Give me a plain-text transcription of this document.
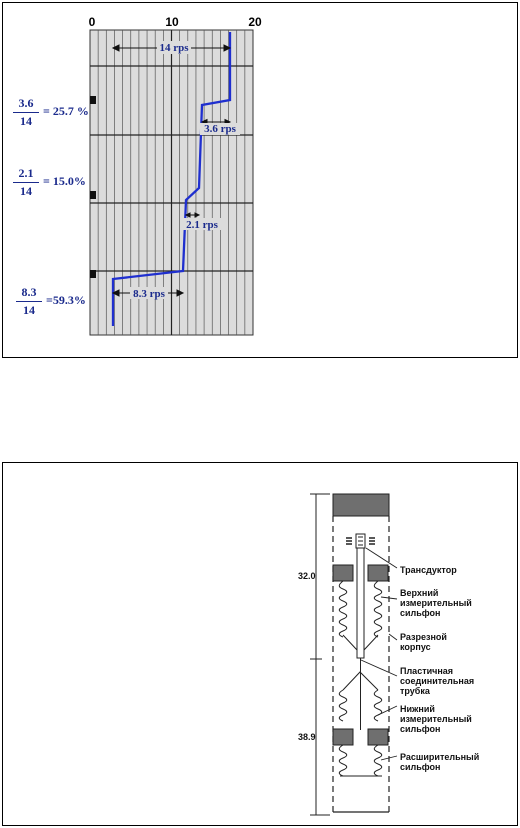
0	10	20
14 rps
3.6 rps
2.1 rps
8.3 rps
3.6
14
= 25.7 %
2.1
14
= 15.0%
8.3
14
=59.3%
32.0
38.9
Трансдуктор
Верхний
измерительный
сильфон
Разрезной
корпус
Пластичная
соединительная
трубка
Нижний
измерительный
сильфон
Расширительный
сильфон
